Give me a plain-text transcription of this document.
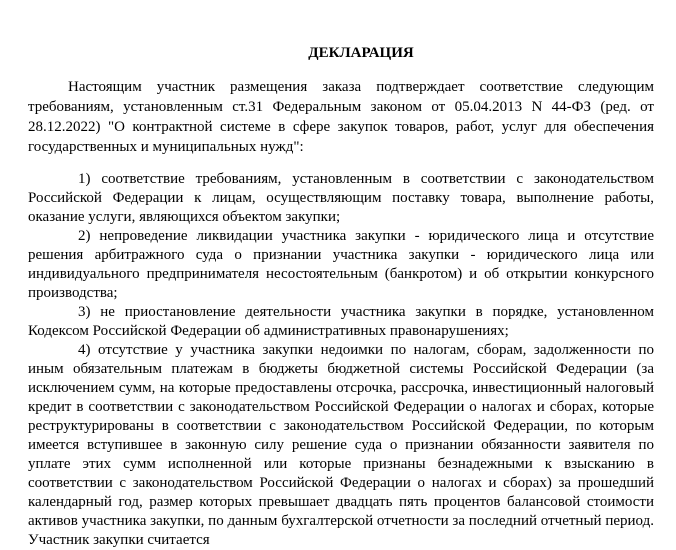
ДЕКЛАРАЦИЯ

Настоящим участник размещения заказа подтверждает соответствие следующим требованиям, установленным ст.31 Федеральным законом от 05.04.2013 N 44-ФЗ (ред. от 28.12.2022) "О контрактной системе в сфере закупок товаров, работ, услуг для обеспечения государственных и муниципальных нужд":

1) соответствие требованиям, установленным в соответствии с законодательством Российской Федерации к лицам, осуществляющим поставку товара, выполнение работы, оказание услуги, являющихся объектом закупки;

2) непроведение ликвидации участника закупки - юридического лица и отсутствие решения арбитражного суда о признании участника закупки - юридического лица или индивидуального предпринимателя несостоятельным (банкротом) и об открытии конкурсного производства;

3) не приостановление деятельности участника закупки в порядке, установленном Кодексом Российской Федерации об административных правонарушениях;

4) отсутствие у участника закупки недоимки по налогам, сборам, задолженности по иным обязательным платежам в бюджеты бюджетной системы Российской Федерации (за исключением сумм, на которые предоставлены отсрочка, рассрочка, инвестиционный налоговый кредит в соответствии с законодательством Российской Федерации о налогах и сборах, которые реструктурированы в соответствии с законодательством Российской Федерации, по которым имеется вступившее в законную силу решение суда о признании обязанности заявителя по уплате этих сумм исполненной или которые признаны безнадежными к взысканию в соответствии с законодательством Российской Федерации о налогах и сборах) за прошедший календарный год, размер которых превышает двадцать пять процентов балансовой стоимости активов участника закупки, по данным бухгалтерской отчетности за последний отчетный период. Участник закупки считается
